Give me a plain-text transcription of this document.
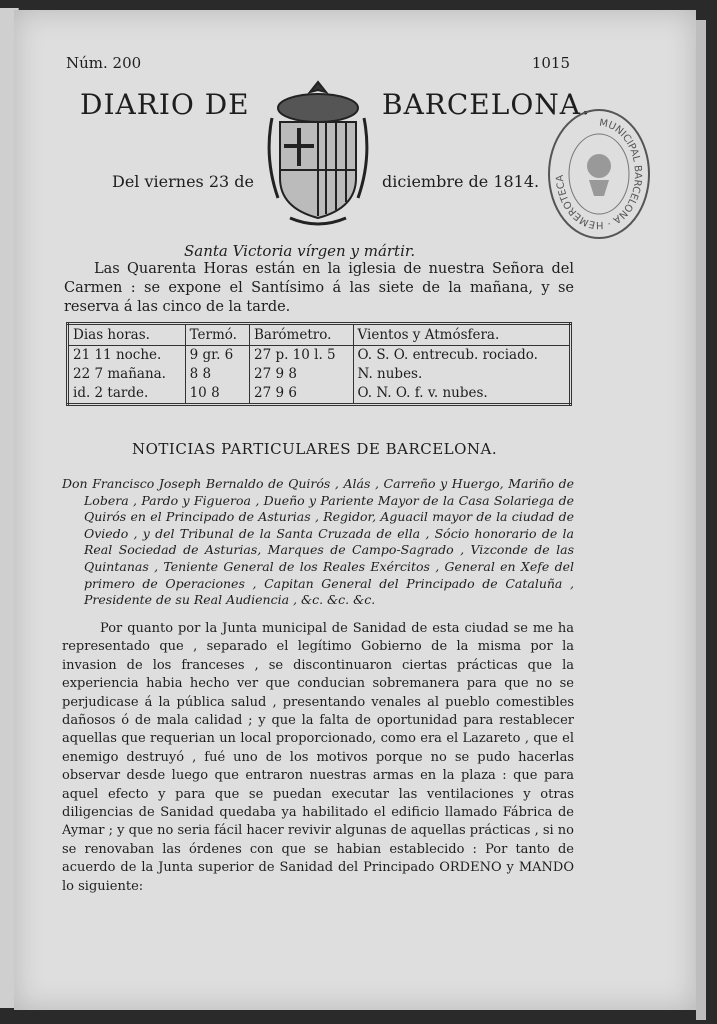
Núm. 200	1015
DIARIO DE	BARCELONA.
Del viernes 23 de	diciembre de 1814.
MUNICIPAL BARCELONA · HEMEROTECA
Santa Victoria vírgen y mártir.
Las Quarenta Horas están en la iglesia de nuestra Señora del Carmen : se expone el Santísimo á las siete de la mañana, y se reserva á las cinco de la tarde.
Dias horas.	Termó.	Barómetro.	Vientos y Atmósfera.
21 11 noche.	9 gr. 6	27 p. 10 l. 5	O. S. O. entrecub. rociado.
22 7 mañana.	8 8	27 9 8	N. nubes.
id. 2 tarde.	10 8	27 9 6	O. N. O. f. v. nubes.
NOTICIAS PARTICULARES DE BARCELONA.
Don Francisco Joseph Bernaldo de Quirós , Alás , Carreño y Huergo, Mariño de Lobera , Pardo y Figueroa , Dueño y Pariente Mayor de la Casa Solariega de Quirós en el Principado de Asturias , Regidor, Aguacil mayor de la ciudad de Oviedo , y del Tribunal de la Santa Cruzada de ella , Sócio honorario de la Real Sociedad de Asturias, Marques de Campo-Sagrado , Vizconde de las Quintanas , Teniente General de los Reales Exércitos , General en Xefe del primero de Operaciones , Capitan General del Principado de Cataluña , Presidente de su Real Audiencia , &c. &c. &c.
Por quanto por la Junta municipal de Sanidad de esta ciudad se me ha representado que , separado el legítimo Gobierno de la misma por la invasion de los franceses , se discontinuaron ciertas prácticas que la experiencia habia hecho ver que conducian sobremanera para que no se perjudicase á la pública salud , presentando venales al pueblo comestibles dañosos ó de mala calidad ; y que la falta de oportunidad para restablecer aquellas que requerian un local proporcionado, como era el Lazareto , que el enemigo destruyó , fué uno de los motivos porque no se pudo hacerlas observar desde luego que entraron nuestras armas en la plaza : que para aquel efecto y para que se puedan executar las ventilaciones y otras diligencias de Sanidad quedaba ya habilitado el edificio llamado Fábrica de Aymar ; y que no seria fácil hacer revivir algunas de aquellas prácticas , si no se renovaban las órdenes con que se habian establecido : Por tanto de acuerdo de la Junta superior de Sanidad del Principado ORDENO y MANDO lo siguiente:
